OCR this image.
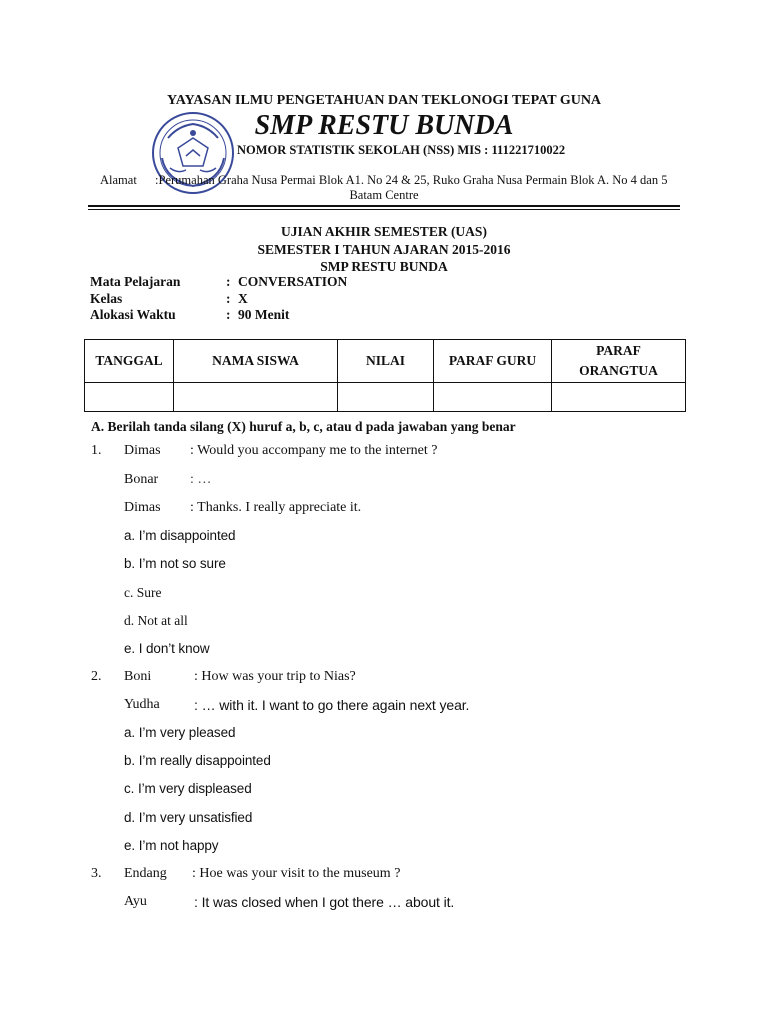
YAYASAN ILMU PENGETAHUAN DAN TEKLONOGI TEPAT GUNA
SMP RESTU BUNDA
NOMOR STATISTIK SEKOLAH (NSS) MIS : 111221710022
Alamat :Perumahan Graha Nusa Permai Blok A1. No 24 & 25, Ruko Graha Nusa Permain Blok A. No 4 dan 5
Batam Centre
UJIAN AKHIR SEMESTER (UAS)
SEMESTER I TAHUN AJARAN 2015-2016
SMP RESTU BUNDA
Mata Pelajaran	: CONVERSATION
Kelas	: X
Alokasi Waktu	: 90 Menit
TANGGAL	NAMA SISWA	NILAI	PARAF GURU	PARAF ORANGTUA

A. Berilah tanda silang (X) huruf a, b, c, atau d pada jawaban yang benar
1. Dimas : Would you accompany me to the internet ?
Bonar : …
Dimas : Thanks. I really appreciate it.
a. I’m disappointed
b. I’m not so sure
c. Sure
d. Not at all
e. I don’t know
2. Boni	: How was your trip to Nias?
Yudha : … with it. I want to go there again next year.
a. I’m very pleased
b. I’m really disappointed
c. I’m very displeased
d. I’m very unsatisfied
e. I’m not happy
3. Endang : Hoe was your visit to the museum ?
Ayu	: It was closed when I got there … about it.
